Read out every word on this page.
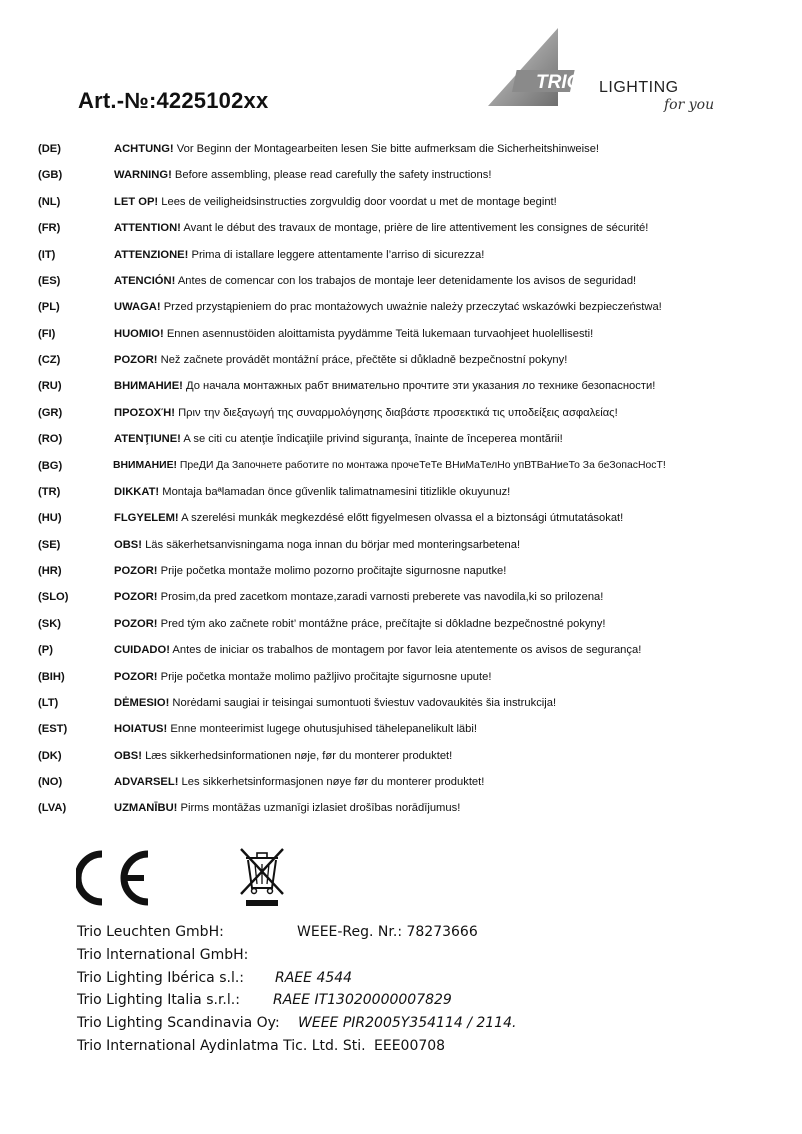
Art.-№:4225102xx
TRIO LIGHTING
for you
(DE)	ACHTUNG! Vor Beginn der Montagearbeiten lesen Sie bitte aufmerksam die Sicherheitshinweise!
(GB)	WARNING! Before assembling, please read carefully the safety instructions!
(NL)	LET OP! Lees de veiligheidsinstructies zorgvuldig door voordat u met de montage begint!
(FR)	ATTENTION! Avant le début des travaux de montage, prière de lire attentivement les consignes de sécurité!
(IT)	ATTENZIONE! Prima di istallare leggere attentamente l’arriso di sicurezza!
(ES)	ATENCIÓN! Antes de comencar con los trabajos de montaje leer detenidamente los avisos de seguridad!
(PL)	UWAGA! Przed przystąpieniem do prac montażowych uważnie należy przeczytać wskazówki bezpieczeństwa!
(FI)	HUOMIO! Ennen asennustöiden aloittamista pyydämme Teitä lukemaan turvaohjeet huolellisesti!
(CZ)	POZOR! Než začnete provádět montážní práce, přečtěte si důkladně bezpečnostní pokyny!
(RU)	ВНИМАНИЕ! До начала монтажных рабт внимательно прочтите эти указания ло технике безопасности!
(GR)	ΠΡΟΣΟΧΉ! Πριν την διεξαγωγή της συναρμολόγησης διαβάστε προσεκτικά τις υποδείξεις ασφαλείας!
(RO)	ATENŢIUNE! A se citi cu atenţie îndicaţiile privind siguranţa, înainte de începerea montării!
(BG)	ВНИМАНИЕ! ПреДИ Да Започнете работите по монтажа прочеТеТе ВНиМаТелНо упВТВаНиеТо За беЗопасНосТ!
(TR)	DIKKAT! Montaja baªlamadan önce gűvenlik talimatnamesini titizlikle okuyunuz!
(HU)	FLGYELEM! A szerelési munkák megkezdésé előtt figyelmesen olvassa el a biztonsági útmutatásokat!
(SE)	OBS! Läs säkerhetsanvisningama noga innan du börjar med monteringsarbetena!
(HR)	POZOR! Prije početka montaže molimo pozorno pročitajte sigurnosne naputke!
(SLO)	POZOR! Prosim,da pred zacetkom montaze,zaradi varnosti preberete vas navodila,ki so prilozena!
(SK)	POZOR! Pred tým ako začnete robit’ montážne práce, prečítajte si dôkladne bezpečnostné pokyny!
(P)	CUIDADO! Antes de iniciar os trabalhos de montagem por favor leia atentemente os avisos de segurança!
(BIH)	POZOR! Prije početka montaže molimo pažljivo pročitajte sigurnosne upute!
(LT)	DĖMESIO! Norėdami saugiai ir teisingai sumontuoti šviestuv vadovaukitės šia instrukcija!
(EST)	HOIATUS! Enne monteerimist lugege ohutusjuhised tähelepanelikult läbi!
(DK)	OBS! Læs sikkerhedsinformationen nøje, før du monterer produktet!
(NO)	ADVARSEL! Les sikkerhetsinformasjonen nøye før du monterer produktet!
(LVA)	UZMANĪBU! Pirms montāžas uzmanīgi izlasiet drošības norādījumus!
Trio Leuchten GmbH:	WEEE-Reg. Nr.: 78273666
Trio lnternational GmbH:
Trio Lighting Ibérica s.l.: RAEE 4544
Trio Lighting Italia s.r.l.: RAEE IT13020000007829
Trio Lighting Scandinavia Oy: WEEE PIR2005Y354114 / 2114.
Trio International Aydinlatma Tic. Ltd. Sti. EEE00708
